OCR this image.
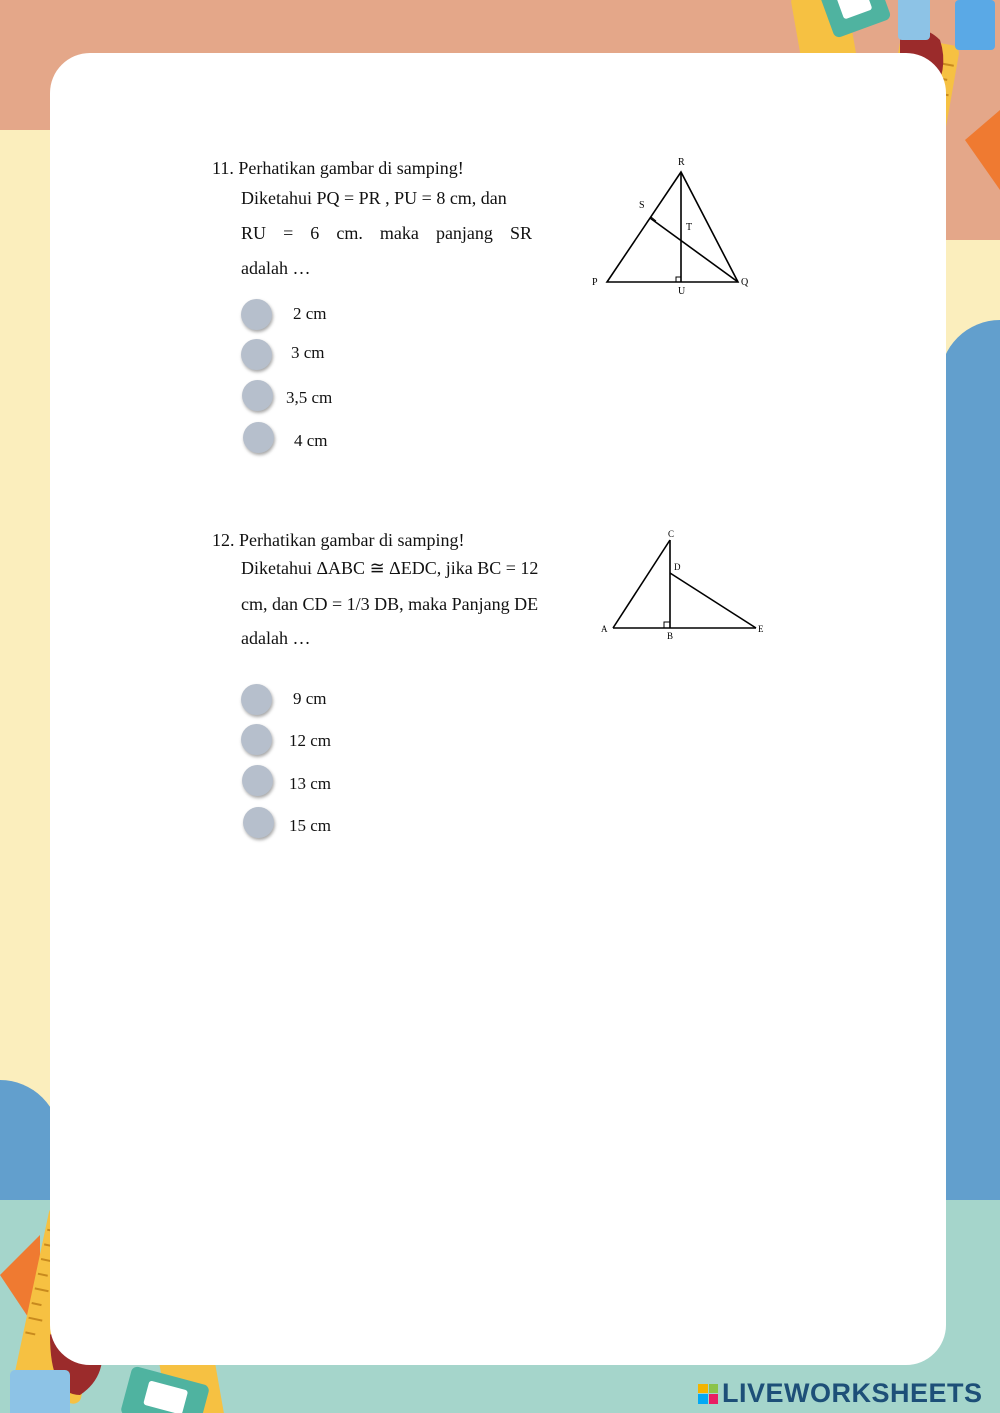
11. Perhatikan gambar di samping!
Diketahui PQ = PR , PU = 8 cm, dan
RU = 6 cm. maka panjang SR
adalah …
R
S
T
P
U
Q
2 cm
3 cm
3,5 cm
4 cm
12. Perhatikan gambar di samping!
Diketahui ΔABC ≅ ΔEDC, jika BC = 12
cm, dan CD = 1/3 DB, maka Panjang DE
adalah …
C
D
A
B
E
9 cm
12 cm
13 cm
15 cm
LIVEWORKSHEETS
